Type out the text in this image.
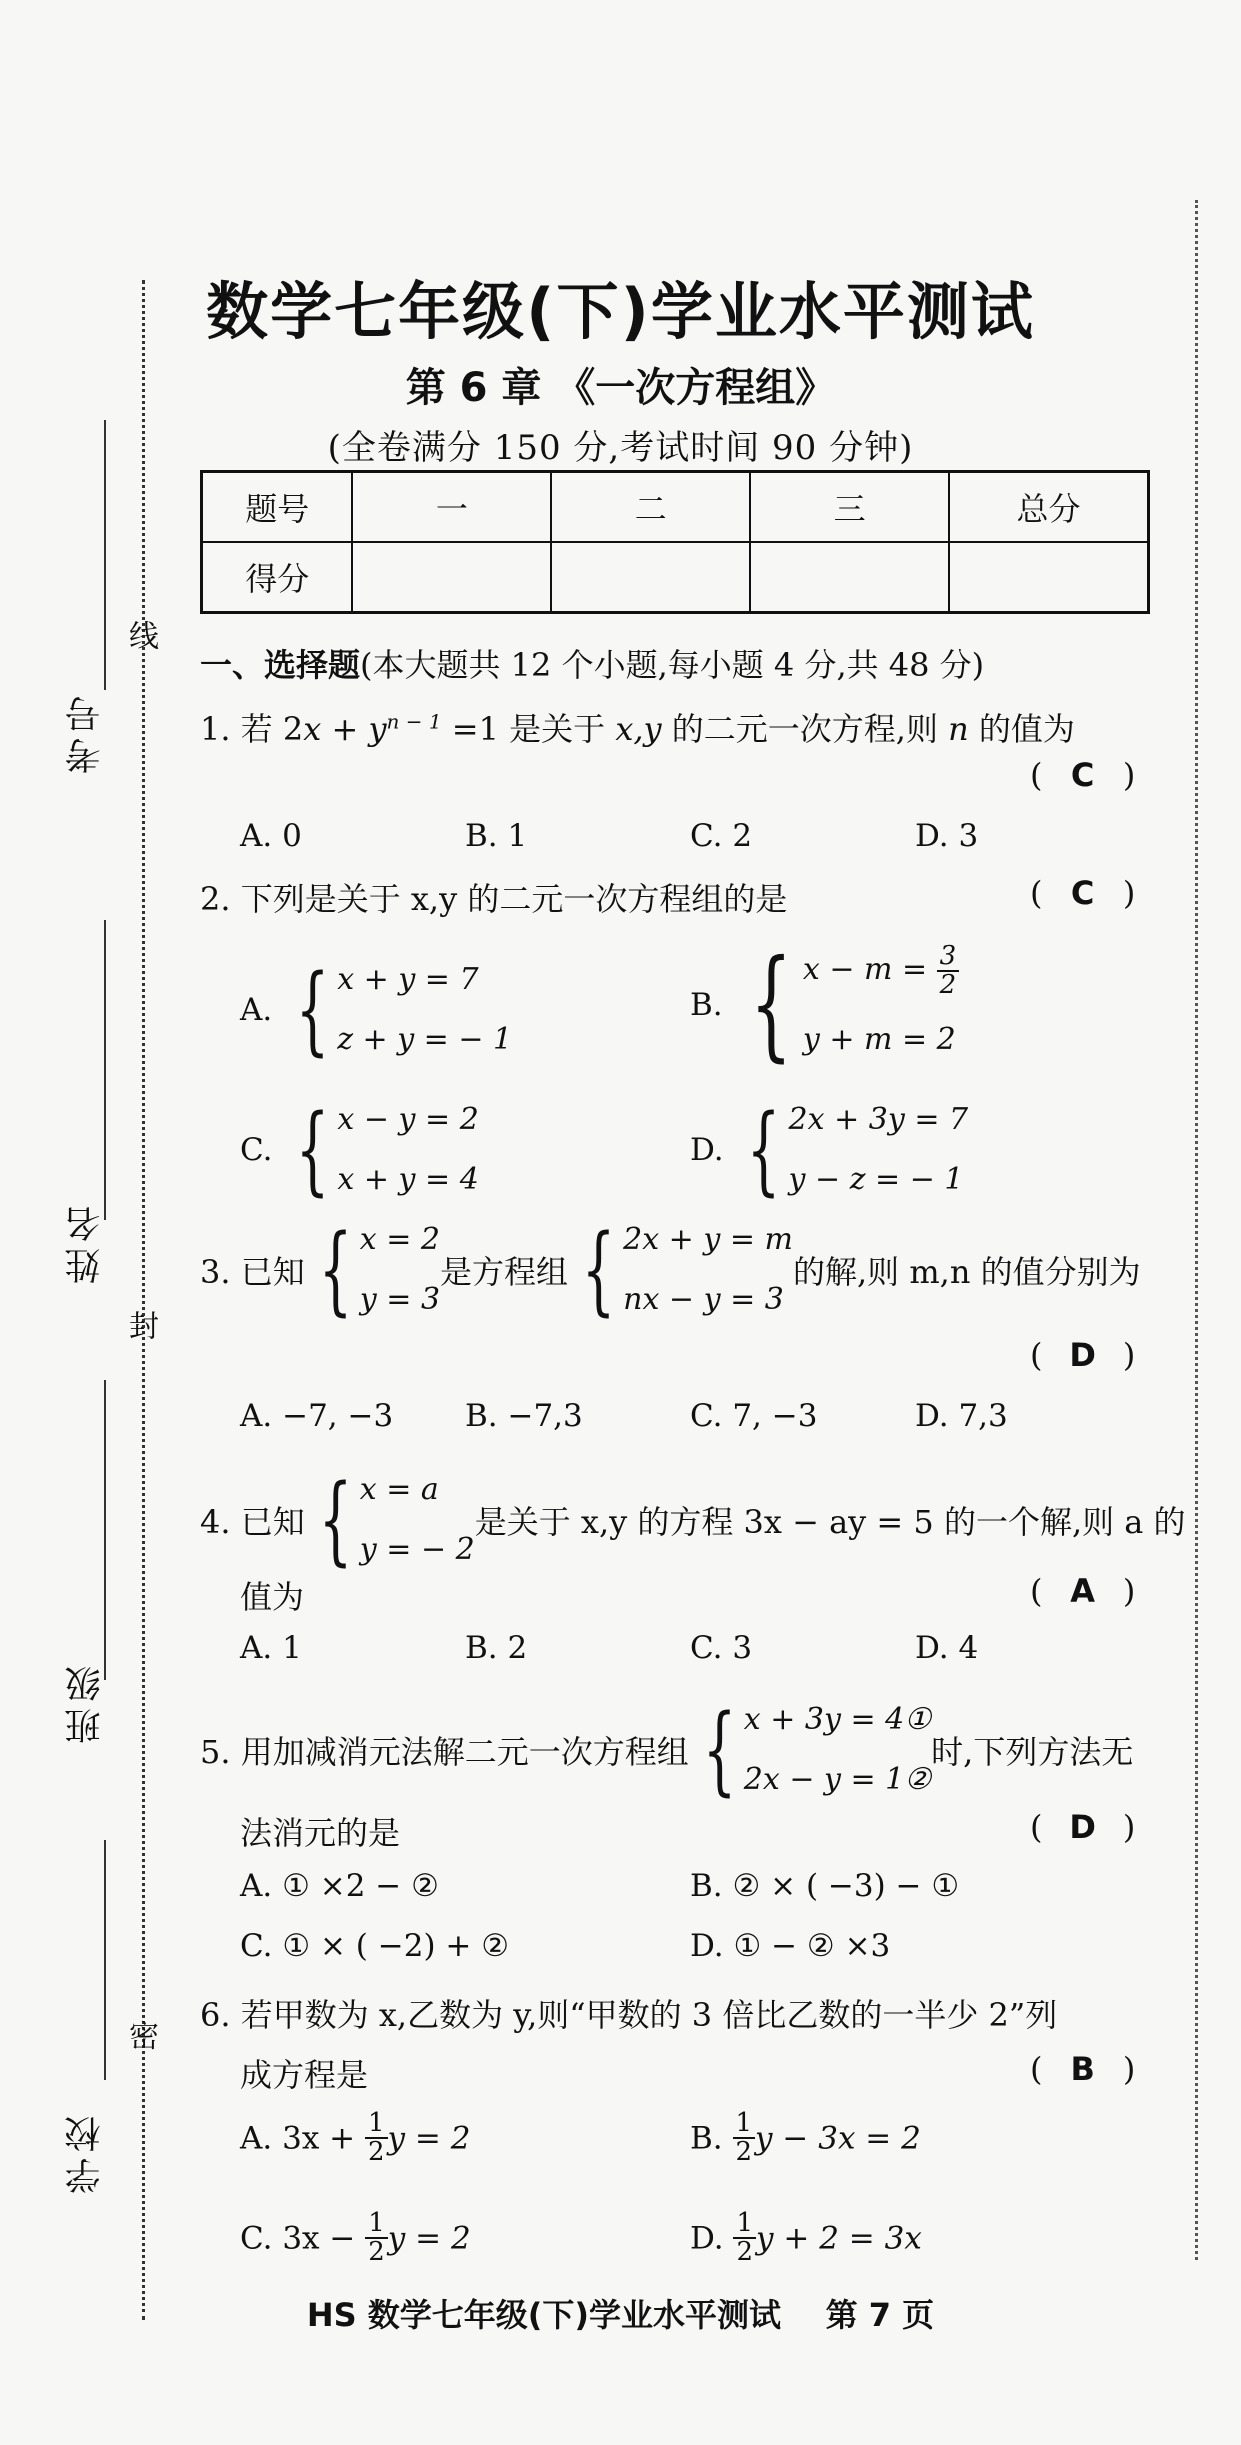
考号
线
姓名
封
班级
学校
密
数学七年级(下)学业水平测试
第 6 章 《一次方程组》
(全卷满分 150 分,考试时间 90 分钟)
题号	一	二	三	总分
得分				
一、选择题(本大题共 12 个小题,每小题 4 分,共 48 分)
1. 若 $2x + y^{n - 1} =1$ 是关于 x,y 的二元一次方程,则 n 的值为
( C )
A. 0	B. 1	C. 2	D. 3
2. 下列是关于 x,y 的二元一次方程组的是	( C )
A. { x + y = 7
z + y = − 1
B. { $x - m = \frac{3}{2}$

y + m = 2
C. { x − y = 2
x + y = 4
D. { 2x + 3y = 7
y − z = − 1
3. 已知 { x = 2
y = 3是方程组 { 2x + y = m
nx − y = 3的解,则 m,n 的值分别为
( D )
A. −7, −3 B. −7,3	C. 7, −3	D. 7,3
4. 已知 { x = a
y = − 2是关于 x,y 的方程 3x − ay = 5 的一个解,则 a 的
值为	( A )
A. 1	B. 2	C. 3	D. 4
5. 用加减消元法解二元一次方程组 { x + 3y = 4①
2x − y = 1②时,下列方法无
法消元的是	( D )
A. ① ×2 − ②	B. ② × ( −3) − ①
C. ① × ( −2) + ②	D. ① − ② ×3
6. 若甲数为 x,乙数为 y,则“甲数的 3 倍比乙数的一半少 2”列
成方程是	( B )
A. $3x + \frac{1}{2}$ y = 2	B. $\frac{1}{2}$ y − 3x = 2
C. $3x - \frac{1}{2}$ y = 2	D. $\frac{1}{2}$ y + 2 = 3x
HS 数学七年级(下)学业水平测试    第 7 页
